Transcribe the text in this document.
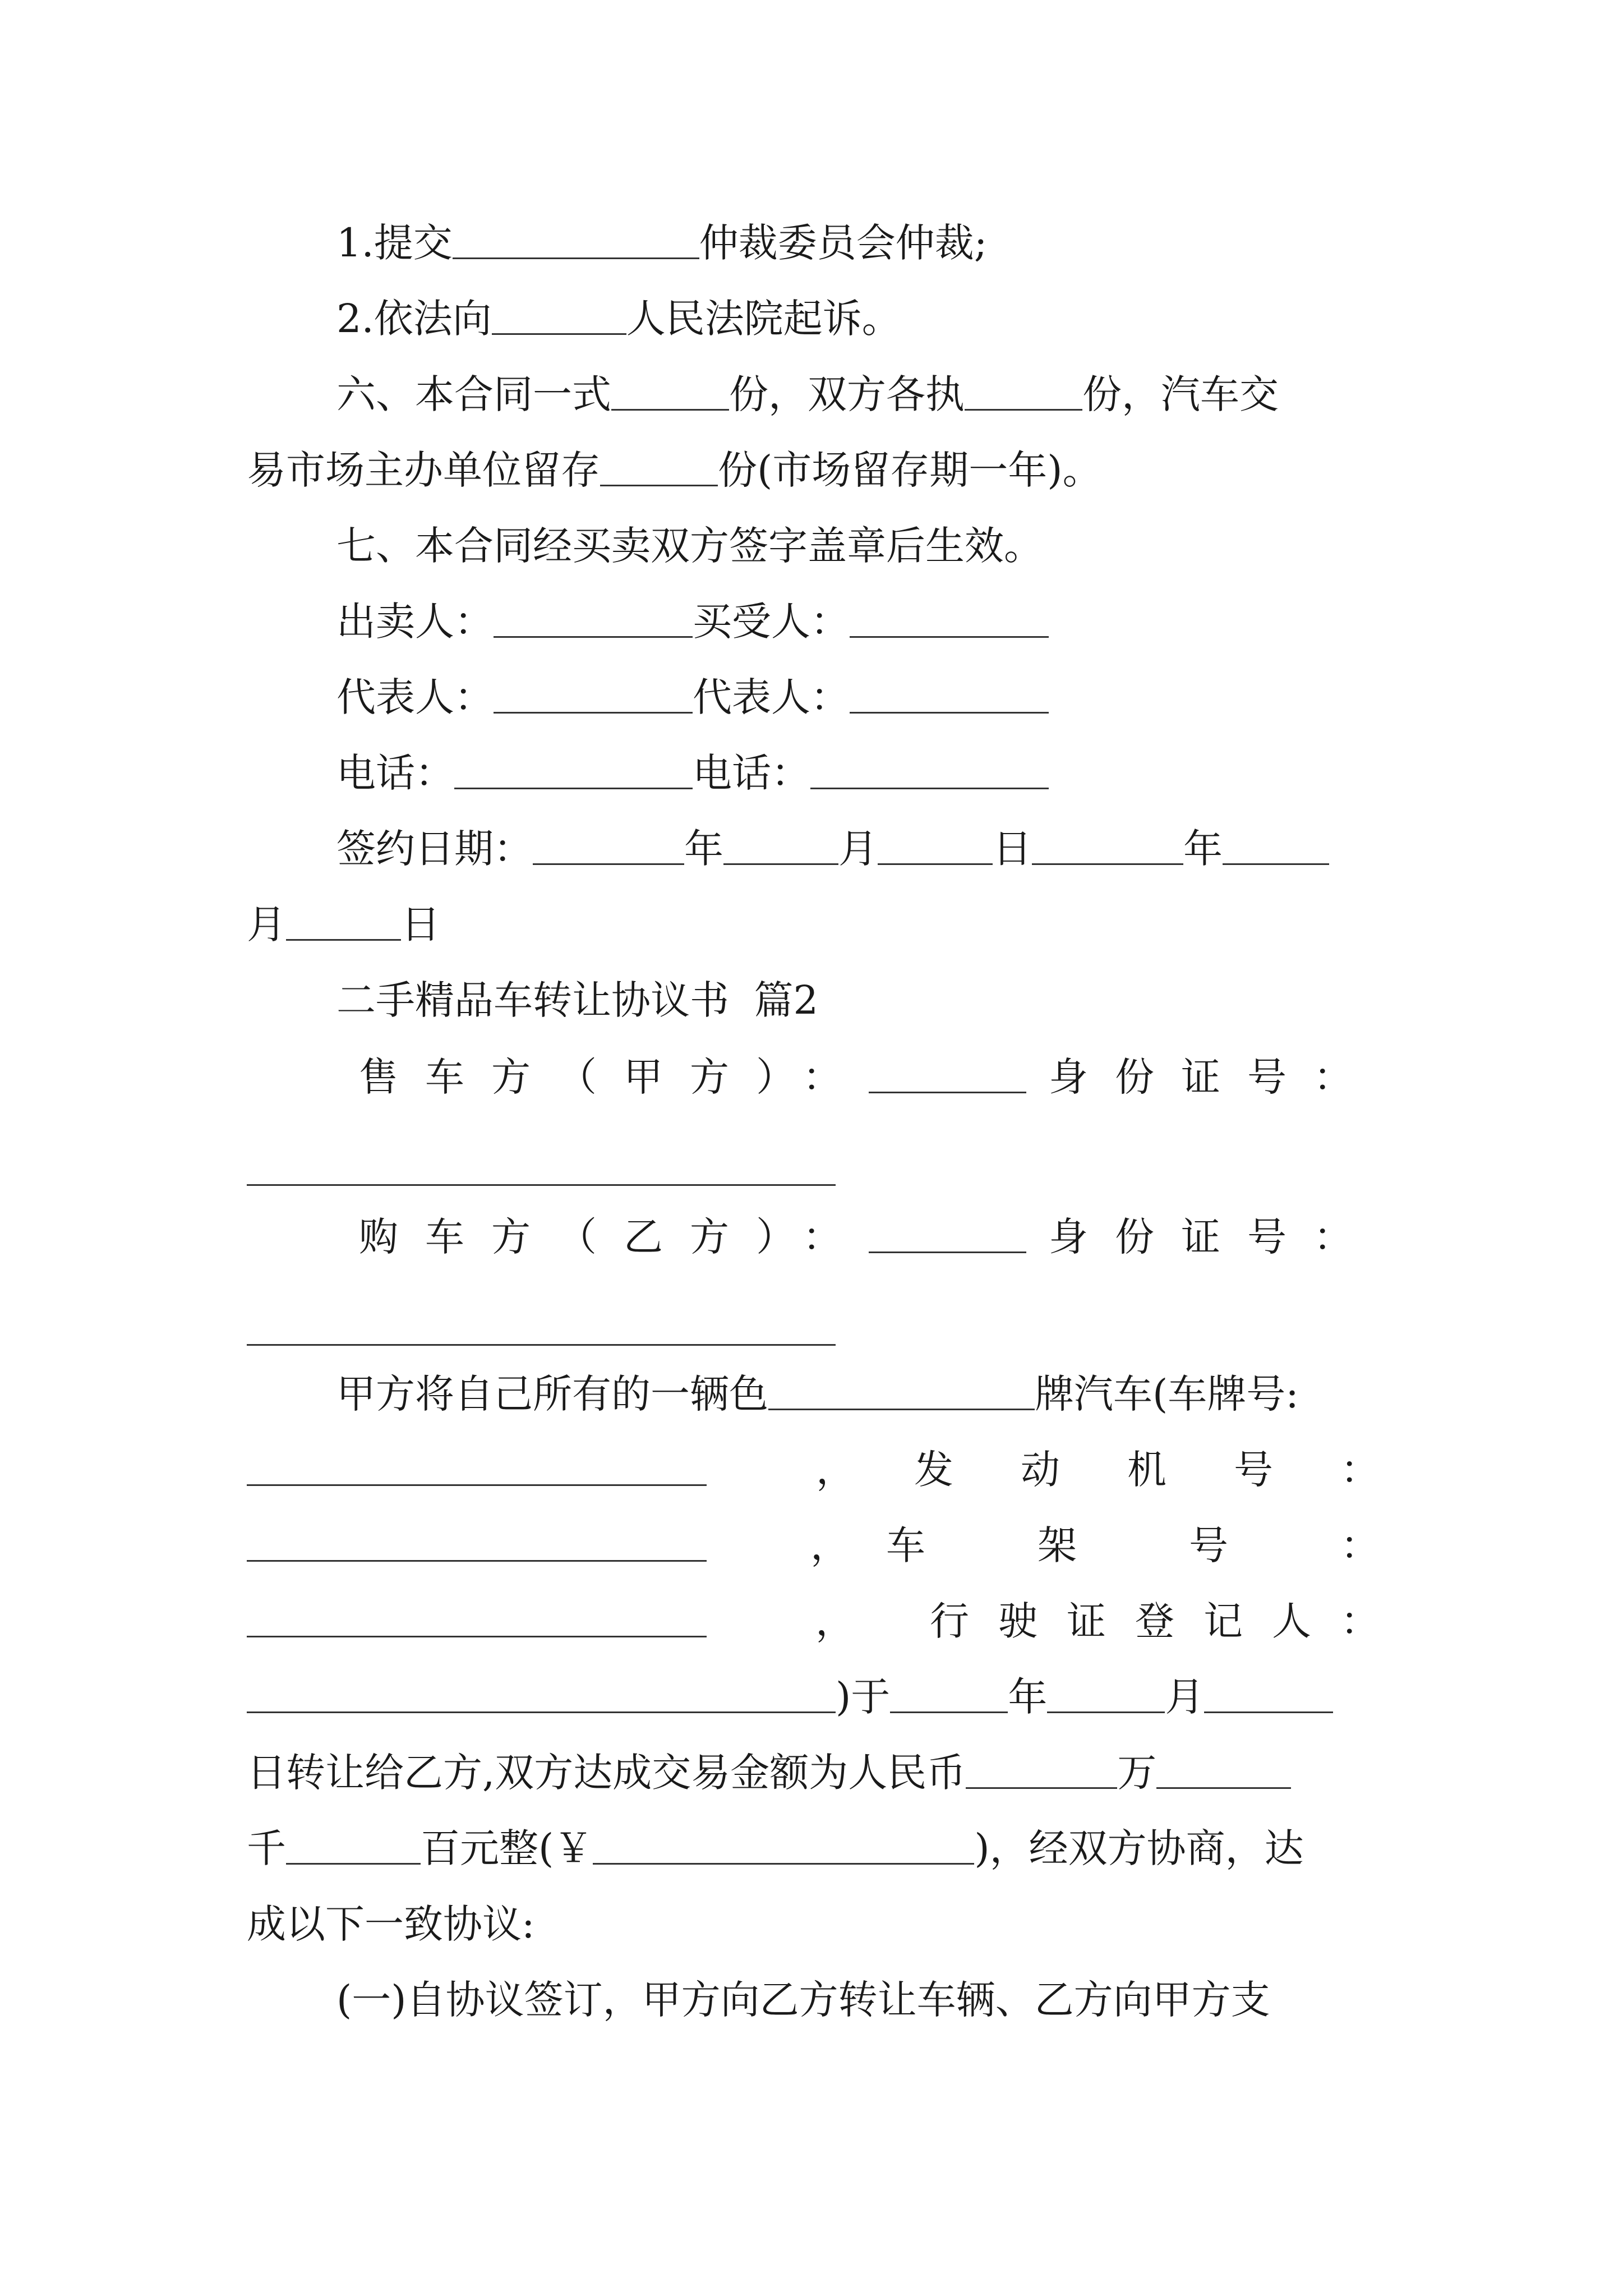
1.提交	仲裁委员会仲裁;
2.依法向	人民法院起诉。
六、本合同一式	份，双方各执	份，汽车交
易市场主办单位留存	份(市场留存期一年)。
七、本合同经买卖双方签字盖章后生效。
出卖人：	买受人：
代表人：	代表人：
电话：	电话：
签约日期：	年	月	日	年
月	日
二手精品车转让协议书  篇2
售车方（甲方）：	身份证号：
购车方（乙方）：	身份证号：
甲方将自己所有的一辆色	牌汽车(车牌号:
， 发动机号：
， 车架号：
， 行驶证登记人：
)于	年	月
日转让给乙方,双方达成交易金额为人民币	万
千	百元整(￥	)，经双方协商，达
成以下一致协议:
(一)自协议签订，甲方向乙方转让车辆、乙方向甲方支
